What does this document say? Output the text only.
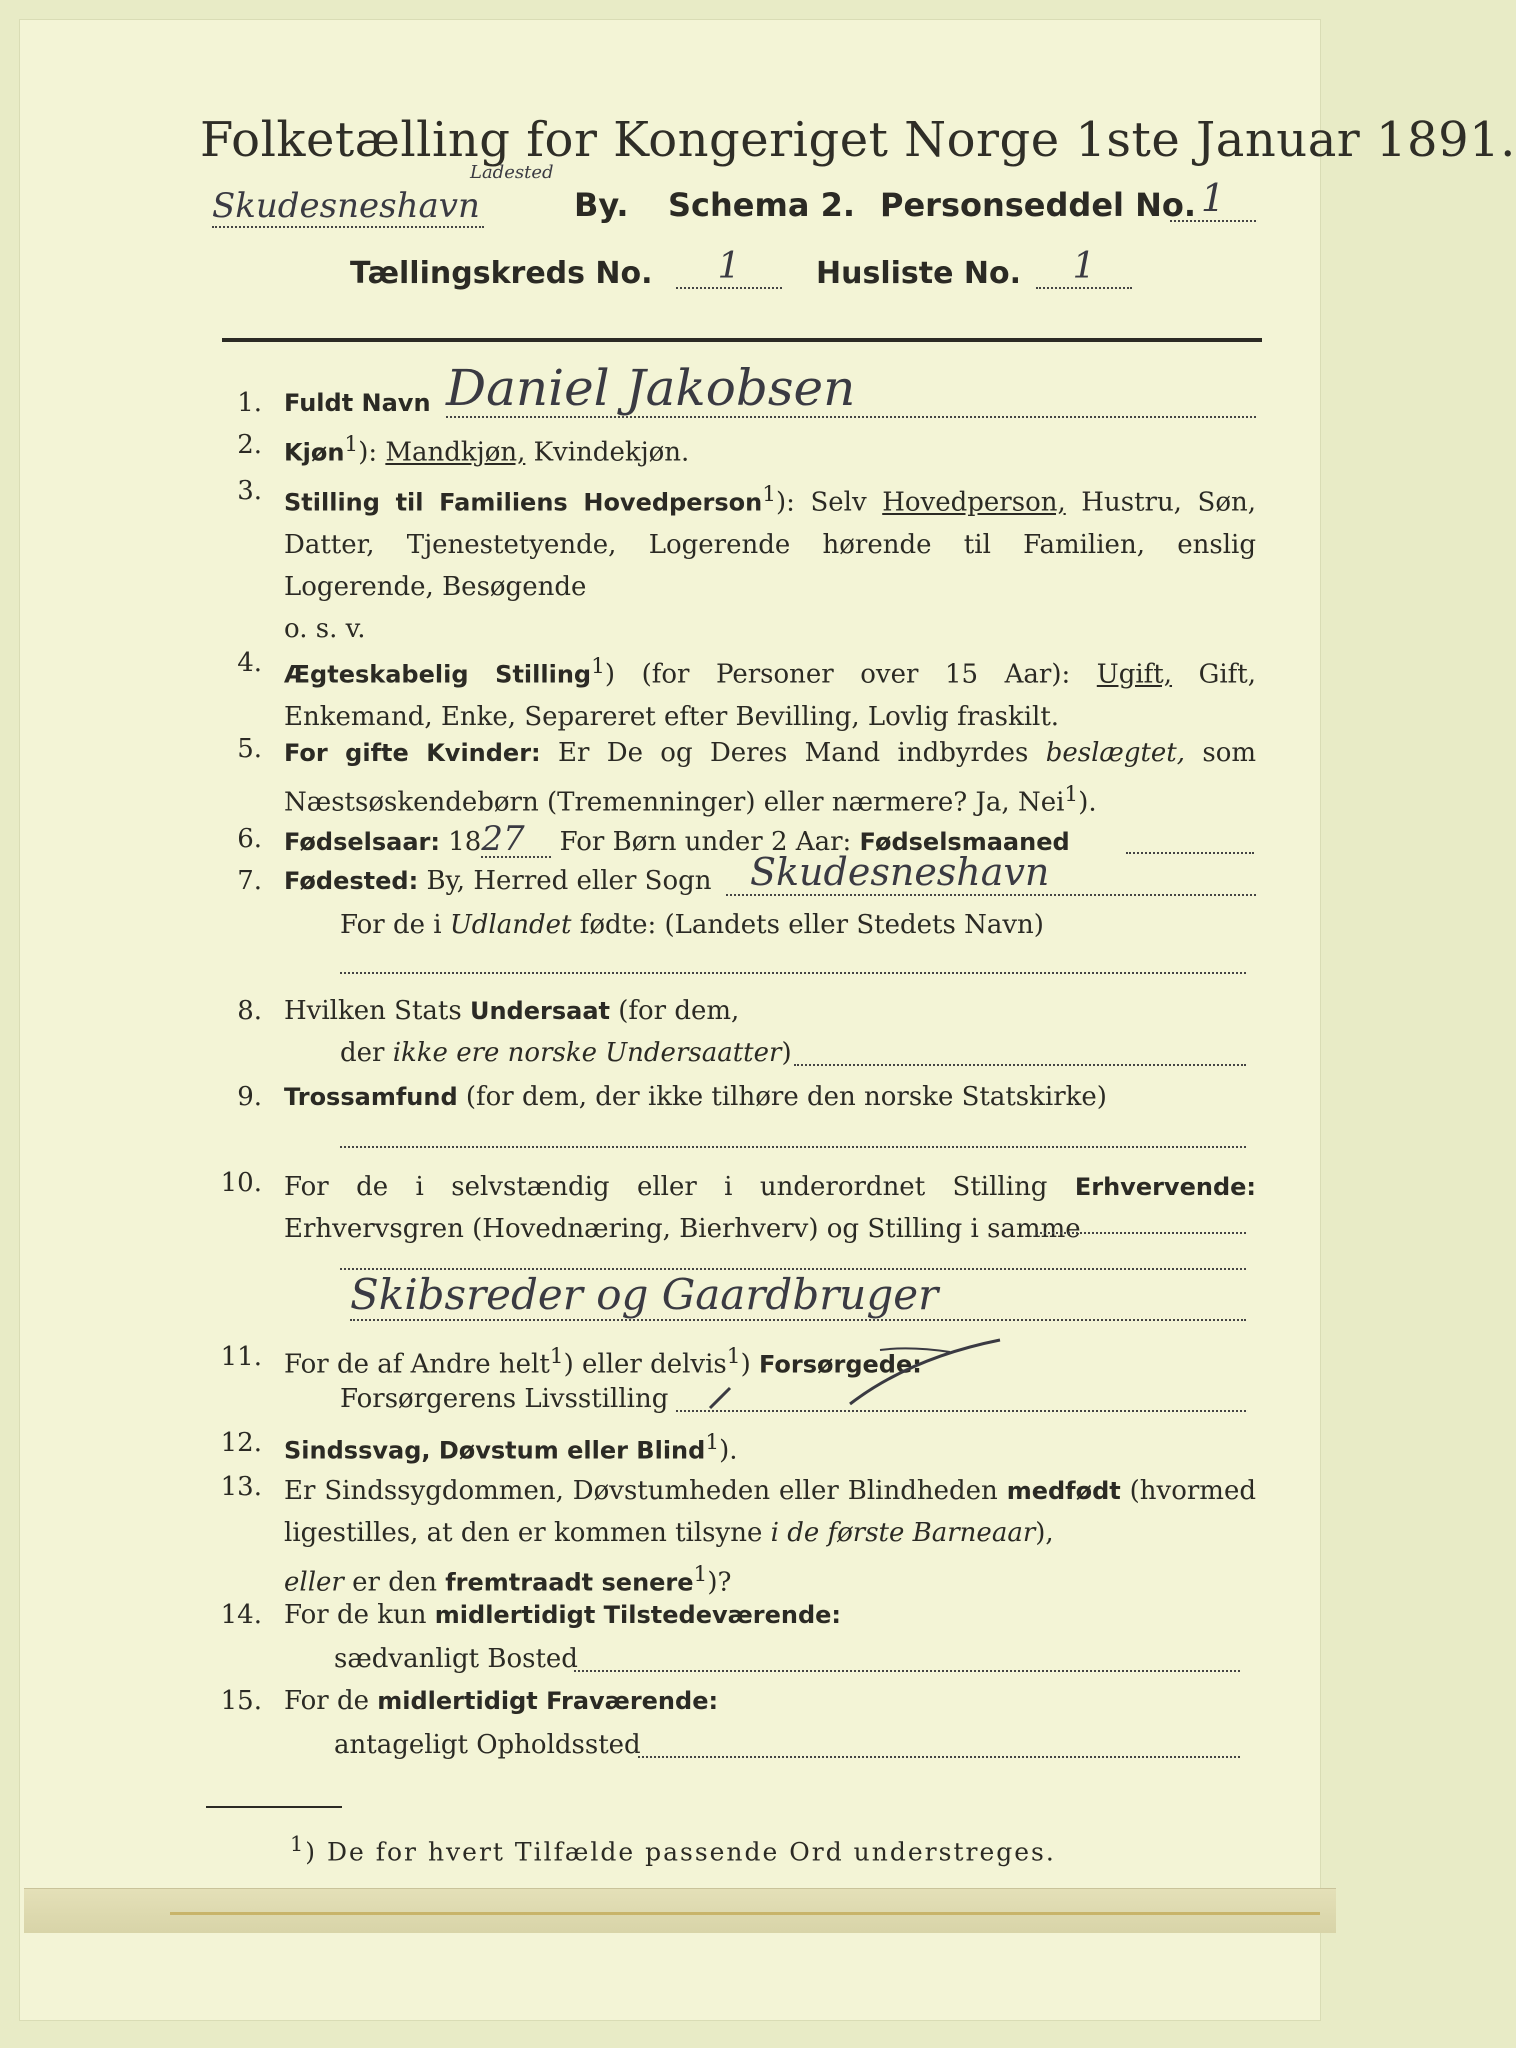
Folketælling for Kongeriget Norge 1ste Januar 1891.
Skudesneshavn
Ladested
By. Schema 2. Personseddel No. 1
Tællingskreds No.	1	Husliste No.	1
1. Fuldt Navn Daniel Jakobsen
2. Kjøn$^1$): Mandkjøn, Kvindekjøn.
3. Stilling til Familiens Hovedperson$^1$): Selv Hovedperson, Hustru, Søn, Datter, Tjenestetyende, Logerende hørende til Familien, enslig Logerende, Besøgende
o. s. v.
4. Ægteskabelig Stilling$^1$) (for Personer over 15 Aar): Ugift, Gift, Enkemand, Enke, Separeret efter Bevilling, Lovlig fraskilt.
5. For gifte Kvinder: Er De og Deres Mand indbyrdes beslægtet, som Næstsøskendebørn (Tremenninger) eller nærmere? Ja, Nei$^1$).
6. Fødselsaar: 1827 For Børn under 2 Aar: Fødselsmaaned
7. Fødested: By, Herred eller Sogn	Skudesneshavn
For de i Udlandet fødte: (Landets eller Stedets Navn)
8. Hvilken Stats Undersaat (for dem,
der ikke ere norske Undersaatter)
9. Trossamfund (for dem, der ikke tilhøre den norske Statskirke)
10. For de i selvstændig eller i underordnet Stilling Erhvervende: Erhvervsgren (Hovednæring, Bierhverv) og Stilling i samme
Skibsreder og Gaardbruger
11. For de af Andre helt$^1$) eller delvis$^1$) Forsørgede:
Forsørgerens Livsstilling
12. Sindssvag, Døvstum eller Blind$^1$).
13. Er Sindssygdommen, Døvstumheden eller Blindheden medfødt (hvormed ligestilles, at den er kommen tilsyne i de første Barneaar),
eller er den fremtraadt senere$^1$)?
14. For de kun midlertidigt Tilstedeværende:
sædvanligt Bosted
15. For de midlertidigt Fraværende:
antageligt Opholdssted
$^1$) De for hvert Tilfælde passende Ord understreges.
